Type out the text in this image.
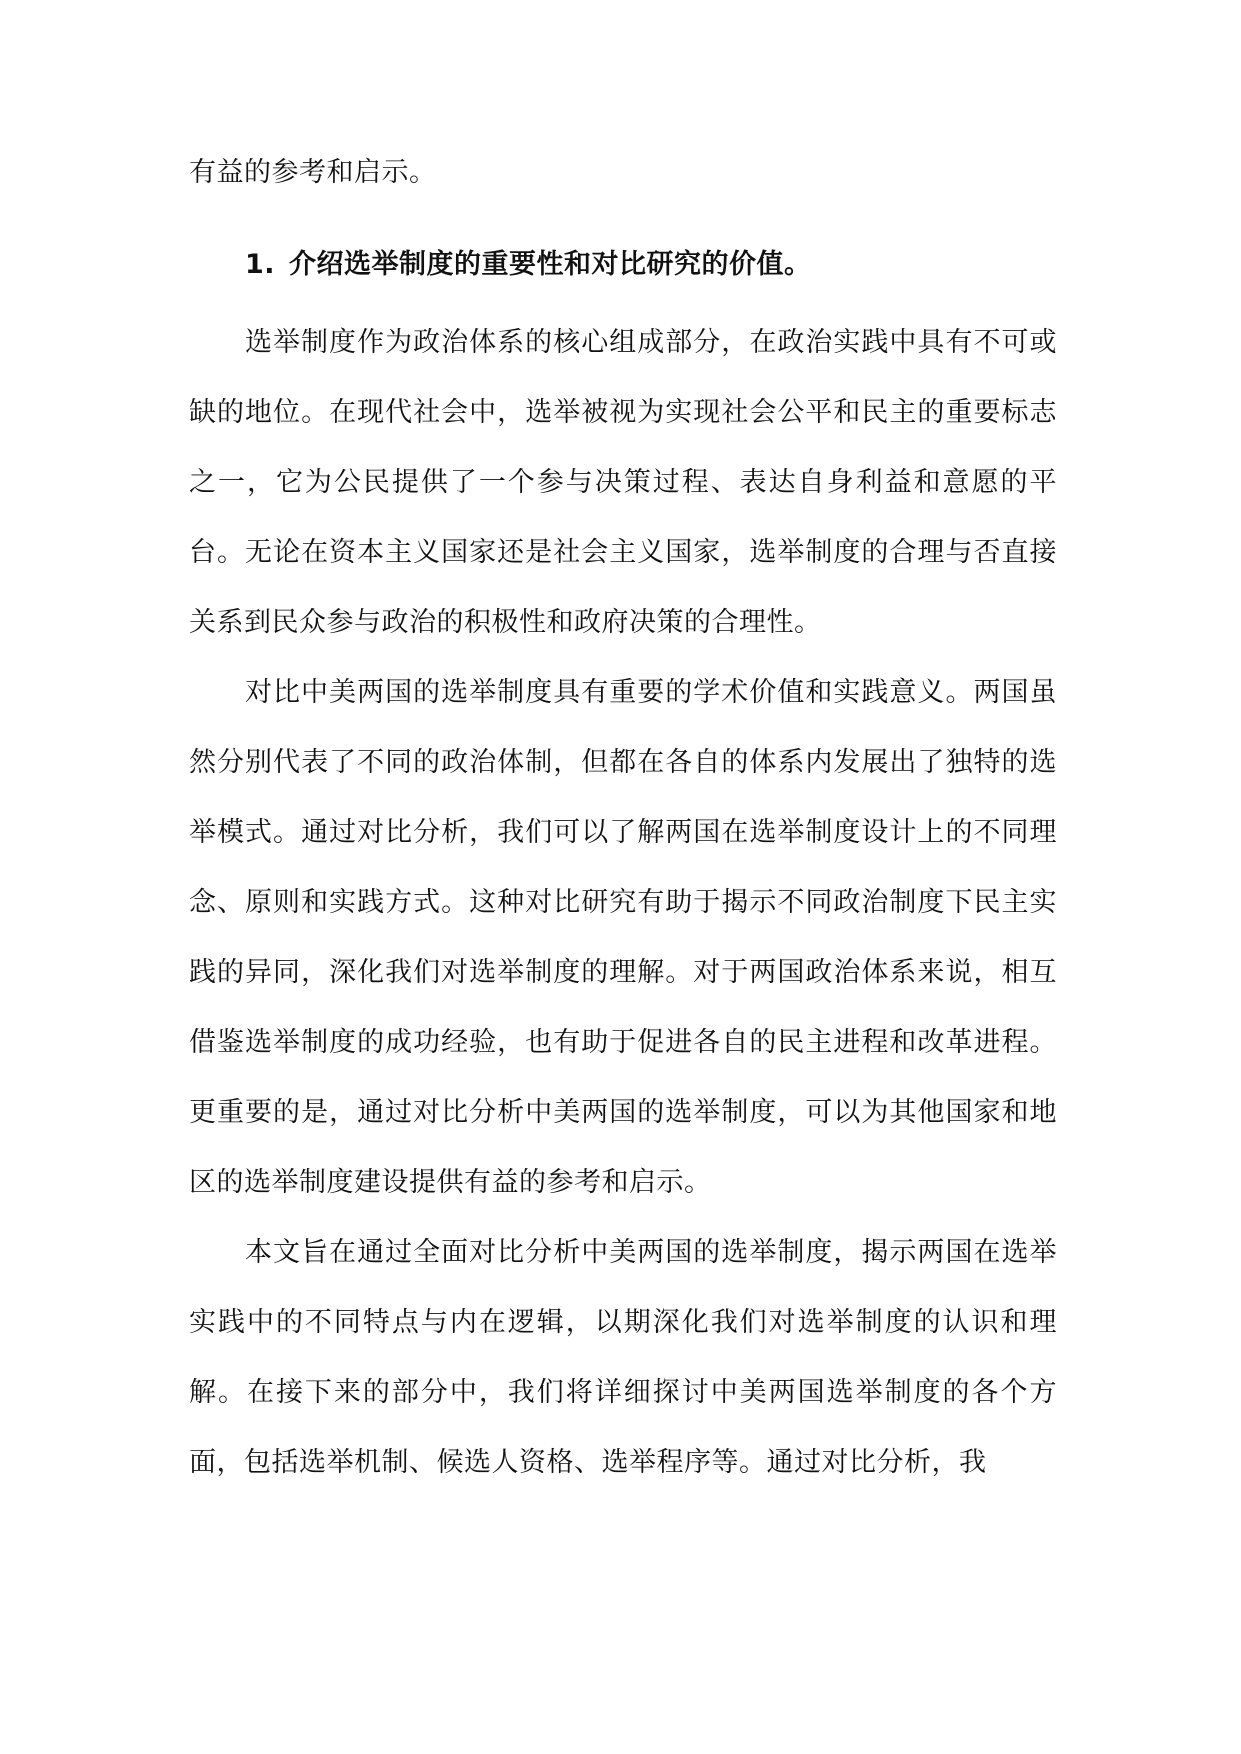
有益的参考和启示。

1. 介绍选举制度的重要性和对比研究的价值。

选举制度作为政治体系的核心组成部分，在政治实践中具有不可或缺的地位。在现代社会中，选举被视为实现社会公平和民主的重要标志之一，它为公民提供了一个参与决策过程、表达自身利益和意愿的平台。无论在资本主义国家还是社会主义国家，选举制度的合理与否直接关系到民众参与政治的积极性和政府决策的合理性。

对比中美两国的选举制度具有重要的学术价值和实践意义。两国虽然分别代表了不同的政治体制，但都在各自的体系内发展出了独特的选举模式。通过对比分析，我们可以了解两国在选举制度设计上的不同理念、原则和实践方式。这种对比研究有助于揭示不同政治制度下民主实践的异同，深化我们对选举制度的理解。对于两国政治体系来说，相互借鉴选举制度的成功经验，也有助于促进各自的民主进程和改革进程。更重要的是，通过对比分析中美两国的选举制度，可以为其他国家和地区的选举制度建设提供有益的参考和启示。

本文旨在通过全面对比分析中美两国的选举制度，揭示两国在选举实践中的不同特点与内在逻辑，以期深化我们对选举制度的认识和理解。在接下来的部分中，我们将详细探讨中美两国选举制度的各个方面，包括选举机制、候选人资格、选举程序等。通过对比分析，我
